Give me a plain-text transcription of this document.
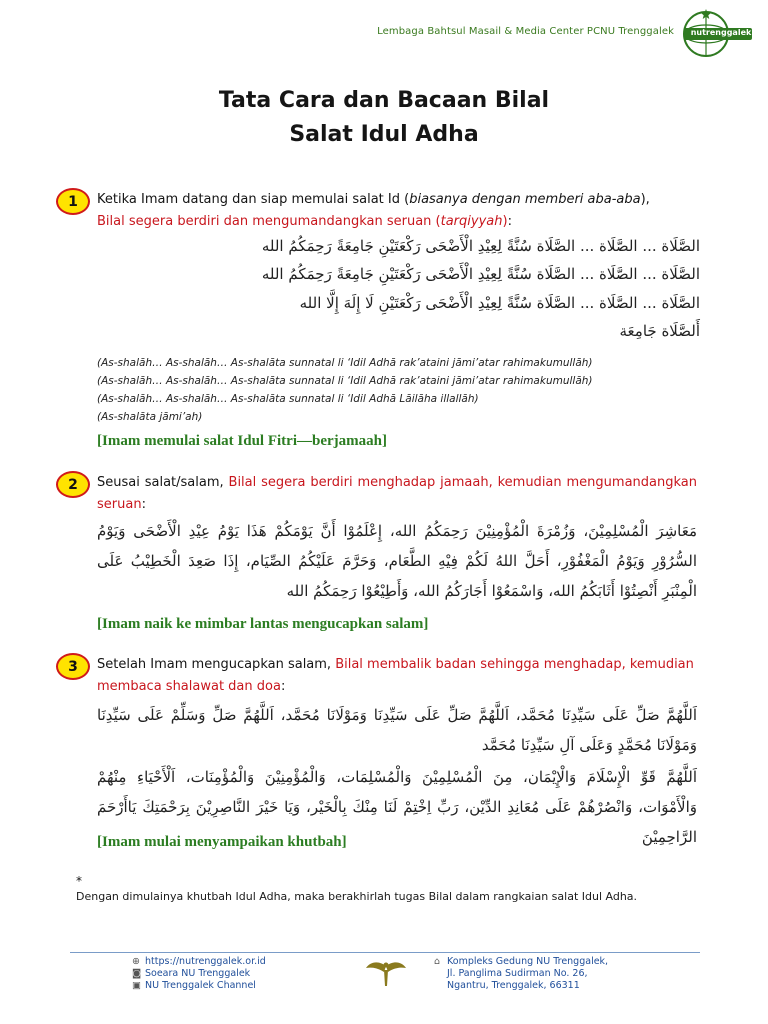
Lembaga Bahtsul Masail & Media Center PCNU Trenggalek nutrenggalek
Tata Cara dan Bacaan Bilal
Salat Idul Adha
1	Ketika Imam datang dan siap memulai salat Id (biasanya dengan memberi aba-aba),
Bilal segera berdiri dan mengumandangkan seruan (tarqiyyah):
الصَّلَاة ... الصَّلَاة ... الصَّلَاة سُنَّةً لِعِيْدِ الْأَضْحَى رَكْعَتَيْنِ جَامِعَةً رَحِمَكُمُ الله
الصَّلَاة ... الصَّلَاة ... الصَّلَاة سُنَّةً لِعِيْدِ الْأَضْحَى رَكْعَتَيْنِ جَامِعَةً رَحِمَكُمُ الله
الصَّلَاة ... الصَّلَاة ... الصَّلَاة سُنَّةً لِعِيْدِ الْأَضْحَى رَكْعَتَيْنِ لَا إِلَهَ إِلَّا الله
أَلصَّلَاة جَامِعَة
(As-shalāh… As-shalāh… As-shalāta sunnatal li ‘Idil Adhā rak’ataini jāmi’atar rahimakumullāh)
(As-shalāh… As-shalāh… As-shalāta sunnatal li ‘Idil Adhā rak’ataini jāmi’atar rahimakumullāh)
(As-shalāh… As-shalāh… As-shalāta sunnatal li ‘Idil Adhā Lāilāha illallāh)
(As-shalāta jāmi’ah)
[Imam memulai salat Idul Fitri—berjamaah]
2	Seusai salat/salam, Bilal segera berdiri menghadap jamaah, kemudian mengumandangkan seruan:
مَعَاشِرَ الْمُسْلِمِيْنَ، وَزُمْرَةَ الْمُؤْمِنِيْنَ رَحِمَكُمُ الله، إِعْلَمُوْا أَنَّ يَوْمَكُمْ هَذَا يَوْمُ عِيْدِ الْأَضْحَى وَيَوْمُ السُّرُوْرِ وَيَوْمُ الْمَغْفُوْرِ، أَحَلَّ اللهُ لَكُمْ فِيْهِ الطَّعَام، وَحَرَّمَ عَلَيْكُمُ الصِّيَام، إِذَا صَعِدَ الْخَطِيْبُ عَلَى الْمِنْبَرِ أَنْصِتُوْا أَثَابَكُمُ الله، وَاسْمَعُوْا أَجَارَكُمُ الله، وَأَطِيْعُوْا رَحِمَكُمُ الله
[Imam naik ke mimbar lantas mengucapkan salam]
3	Setelah Imam mengucapkan salam, Bilal membalik badan sehingga menghadap, kemudian membaca shalawat dan doa:
اَللَّهُمَّ صَلِّ عَلَى سَيِّدِنَا مُحَمَّد، اَللَّهُمَّ صَلِّ عَلَى سَيِّدِنَا وَمَوْلَانَا مُحَمَّد، اَللَّهُمَّ صَلِّ وَسَلِّمْ عَلَى سَيِّدِنَا وَمَوْلَانَا مُحَمَّدٍ وَعَلَى آلِ سَيِّدِنَا مُحَمَّد
اَللَّهُمَّ قَوِّ الْإِسْلَامَ وَالْإِيْمَان، مِنَ الْمُسْلِمِيْنَ وَالْمُسْلِمَات، وَالْمُؤْمِنِيْنَ وَالْمُؤْمِنَات، اَلْأَحْيَاءِ مِنْهُمْ وَالْأَمْوَات، وَانْصُرْهُمْ عَلَى مُعَانِدِ الدِّيْن، رَبِّ اِخْتِمْ لَنَا مِنْكَ بِالْخَيْر، وَيَا خَيْرَ النَّاصِرِيْنَ بِرَحْمَتِكَ يَاأَرْحَمَ الرَّاحِمِيْنَ
[Imam mulai menyampaikan khutbah]
*
Dengan dimulainya khutbah Idul Adha, maka berakhirlah tugas Bilal dalam rangkaian salat Idul Adha.
⊕ https://nutrenggalek.or.id
◙ Soeara NU Trenggalek
▣ NU Trenggalek Channel
⌂ Kompleks Gedung NU Trenggalek,
Jl. Panglima Sudirman No. 26,
Ngantru, Trenggalek, 66311
